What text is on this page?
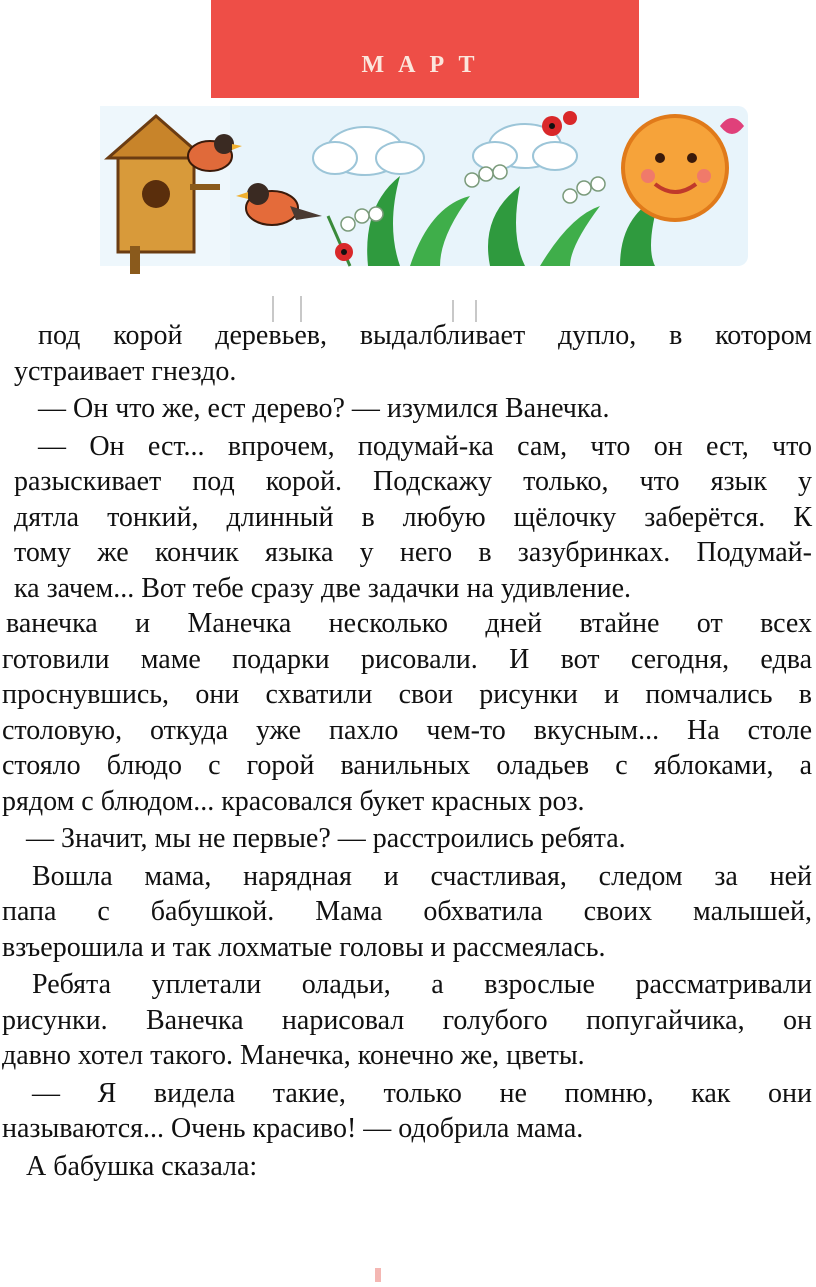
МАРТ
под корой деревьев, выдалбливает дупло, в котором
устраивает гнездо.
— Он что же, ест дерево? — изумился Ванечка.
— Он ест... впрочем, подумай-ка сам, что он ест, что
разыскивает под корой. Подскажу только, что язык у
дятла тонкий, длинный в любую щёлочку заберётся. К
тому же кончик языка у него в зазубринках. Подумай-
ка зачем... Вот тебе сразу две задачки на удивление.
ванечка и Манечка несколько дней втайне от всех
готовили маме подарки рисовали. И вот сегодня, едва
проснувшись, они схватили свои рисунки и помчались в
столовую, откуда уже пахло чем-то вкусным... На столе
стояло блюдо с горой ванильных оладьев с яблоками, а
рядом с блюдом... красовался букет красных роз.
— Значит, мы не первые? — расстроились ребята.
Вошла мама, нарядная и счастливая, следом за ней
папа с бабушкой. Мама обхватила своих малышей,
взъерошила и так лохматые головы и рассмеялась.
Ребята уплетали оладьи, а взрослые рассматривали
рисунки. Ванечка нарисовал голубого попугайчика, он
давно хотел такого. Манечка, конечно же, цветы.
— Я видела такие, только не помню, как они
называются... Очень красиво! — одобрила мама.
А бабушка сказала:
